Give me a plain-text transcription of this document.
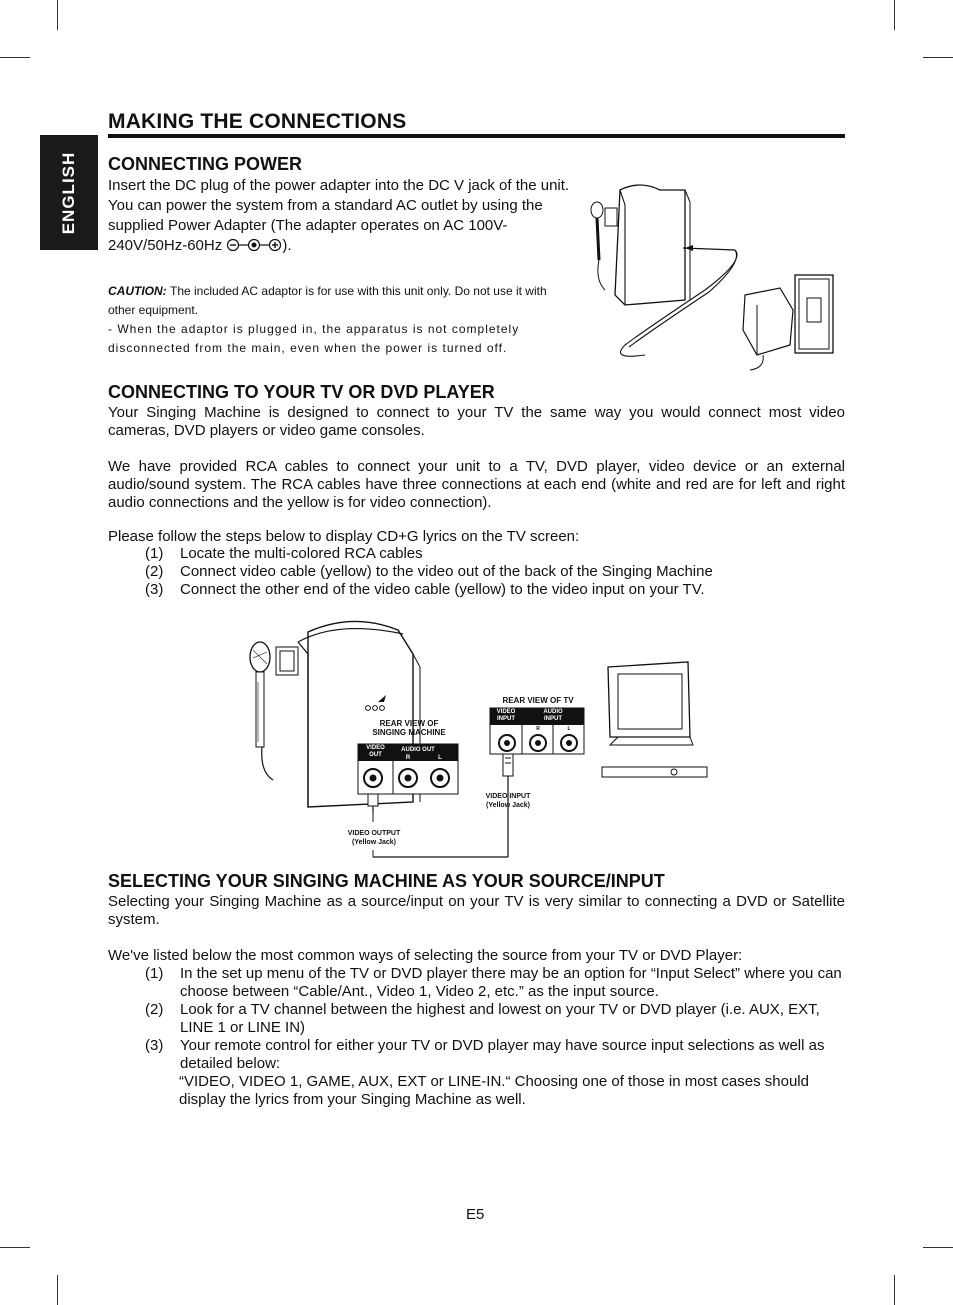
ENGLISH
MAKING THE CONNECTIONS
CONNECTING POWER

Insert the DC plug of the power adapter into the DC V jack of the unit. You can power the system from a standard AC outlet by using the supplied Power Adapter (The adapter operates on AC 100V-240V/50Hz-60Hz	).

CAUTION: The included AC adaptor is for use with this unit only. Do not use it with other equipment.
- When the adaptor is plugged in, the apparatus is not completely disconnected from the main, even when the power is turned off.
CONNECTING TO YOUR TV OR DVD PLAYER

Your Singing Machine is designed to connect to your TV the same way you would connect most video cameras, DVD players or video game consoles.

We have provided RCA cables to connect your unit to a TV, DVD player, video device or an external audio/sound system. The RCA cables have three connections at each end (white and red are for left and right audio connections and the yellow is for video connection).

Please follow the steps below to display CD+G lyrics on the TV screen:

(1) Locate the multi-colored RCA cables
(2) Connect video cable (yellow) to the video out of the back of the Singing Machine
(3) Connect the other end of the video cable (yellow) to the video input on your TV.
REAR VIEW OF
SINGING MACHINE
VIDEO
OUT
AUDIO OUT
R	L
REAR VIEW OF TV
VIDEO
INPUT
AUDIO
INPUT
R	L
VIDEO OUTPUT
(Yellow Jack)
VIDEO INPUT
(Yellow Jack)
SELECTING YOUR SINGING MACHINE AS YOUR SOURCE/INPUT

Selecting your Singing Machine as a source/input on your TV is very similar to connecting a DVD or Satellite system.

We've listed below the most common ways of selecting the source from your TV or DVD Player:

(1) In the set up menu of the TV or DVD player there may be an option for “Input Select” where you can choose between “Cable/Ant., Video 1, Video 2, etc.” as the input source.
(2) Look for a TV channel between the highest and lowest on your TV or DVD player (i.e. AUX, EXT, LINE 1 or LINE IN)
(3) Your remote control for either your TV or DVD player may have source input selections as well as detailed below:
“VIDEO, VIDEO 1, GAME, AUX, EXT or LINE-IN.“ Choosing one of those in most cases should display the lyrics from your Singing Machine as well.
E5
